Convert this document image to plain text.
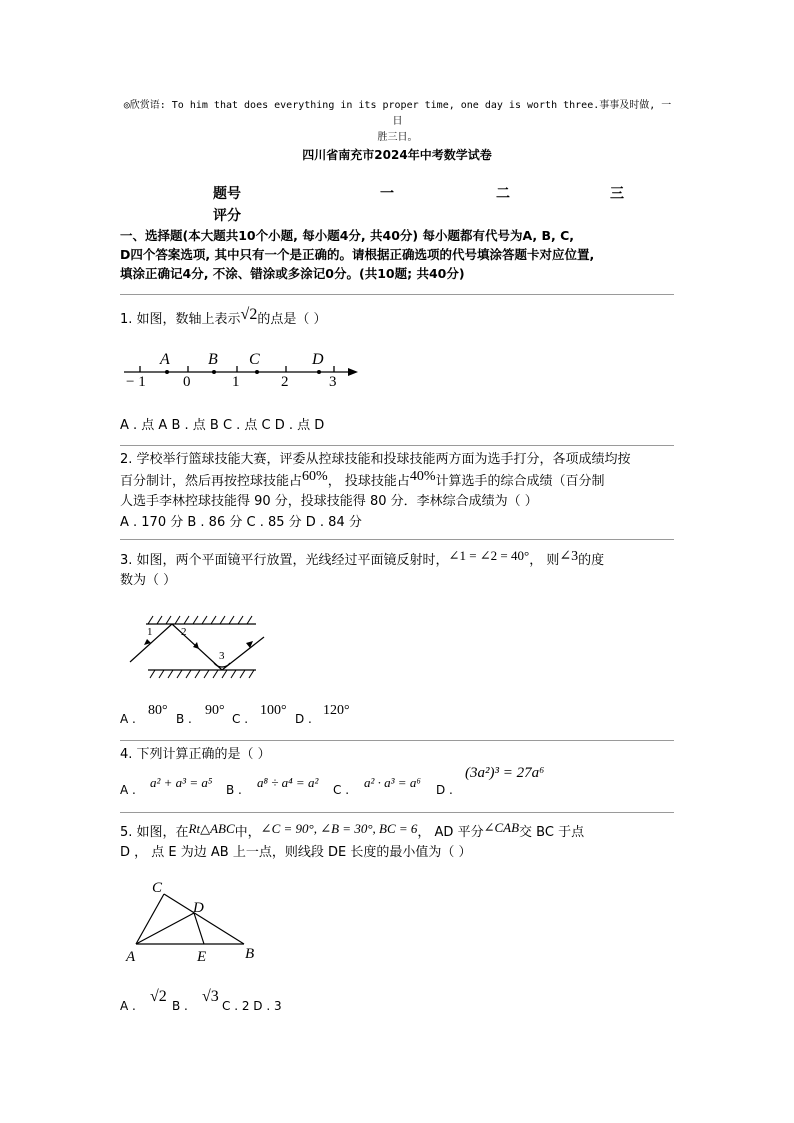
◎欣赏语: To him that does everything in its proper time, one day is worth three.事事及时做, 一日
胜三日。
四川省南充市2024年中考数学试卷
题号	一	二	三
评分
一、选择题(本大题共10个小题, 每小题4分, 共40分) 每小题都有代号为A, B, C,
D四个答案选项, 其中只有一个是正确的。请根据正确选项的代号填涂答题卡对应位置,
填涂正确记4分, 不涂、错涂或多涂记0分。(共10题; 共40分)
1. 如图，数轴上表示√2的点是（ ）
A B C	D
− 1 0	1	2	3
A . 点 A B . 点 B C . 点 C D . 点 D
2. 学校举行篮球技能大赛，评委从控球技能和投球技能两方面为选手打分，各项成绩均按
百分制计，然后再按控球技能占60%， 投球技能占40%计算选手的综合成绩（百分制
人选手李林控球技能得 90 分，投球技能得 80 分．李林综合成绩为（ ）
A . 170 分 B . 86 分 C . 85 分 D . 84 分
3. 如图，两个平面镜平行放置，光线经过平面镜反射时，∠1 = ∠2 = 40°， 则∠3的度
数为（ ）
1	2
3
A .
80°
B .
90°
C .
100°
D .
120°
4. 下列计算正确的是（ ）
A . a² + a³ = a⁵ B . a⁸ ÷ a⁴ = a² C . a² · a³ = a⁶ D .
(3a²)³ = 27a⁶
5. 如图，在Rt△ABC中，∠C = 90°, ∠B = 30°, BC = 6， AD 平分∠CAB交 BC 于点
D ， 点 E 为边 AB 上一点，则线段 DE 长度的最小值为（ ）
C
D
A	E	B
A .
√2
B .
√3
C . 2 D . 3
